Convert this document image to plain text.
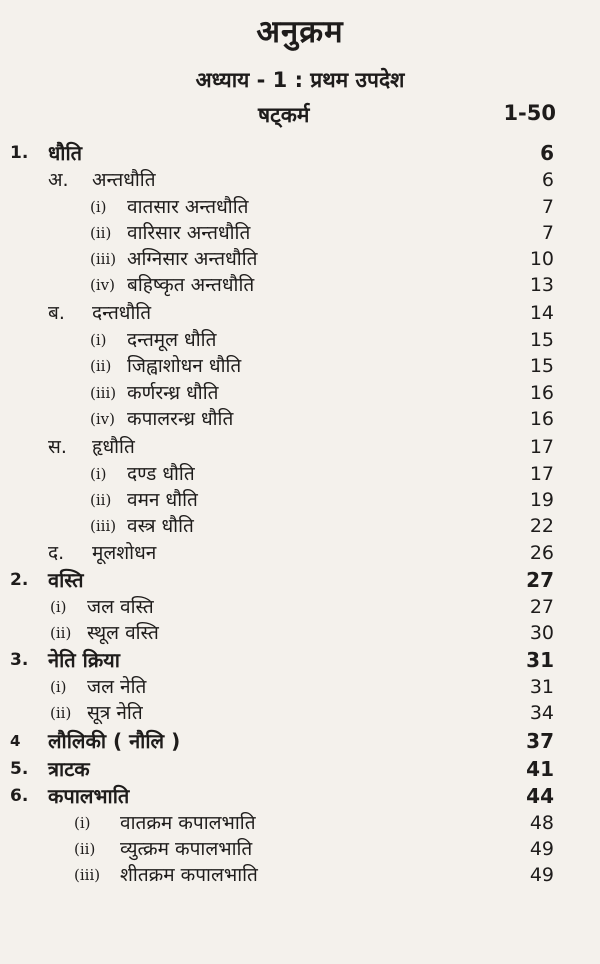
अनुक्रम
अध्याय - 1 : प्रथम उपदेश
षट्कर्म	1-50
1. धौति	6
अ. अन्तधौति	6
(i) वातसार अन्तधौति	7
(ii) वारिसार अन्तधौति	7
(iii) अग्निसार अन्तधौति	10
(iv) बहिष्कृत अन्तधौति	13
ब. दन्तधौति	14
(i) दन्तमूल धौति	15
(ii) जिह्वाशोधन धौति	15
(iii) कर्णरन्ध्र धौति	16
(iv) कपालरन्ध्र धौति	16
स. हृधौति	17
(i) दण्ड धौति	17
(ii) वमन धौति	19
(iii) वस्त्र धौति	22
द. मूलशोधन	26
2. वस्ति	27
(i) जल वस्ति	27
(ii) स्थूल वस्ति	30
3. नेति क्रिया	31
(i) जल नेति	31
(ii) सूत्र नेति	34
4 लौलिकी ( नौलि )	37
5. त्राटक	41
6. कपालभाति	44
(i) वातक्रम कपालभाति	48
(ii) व्युत्क्रम कपालभाति	49
(iii) शीतक्रम कपालभाति	49
